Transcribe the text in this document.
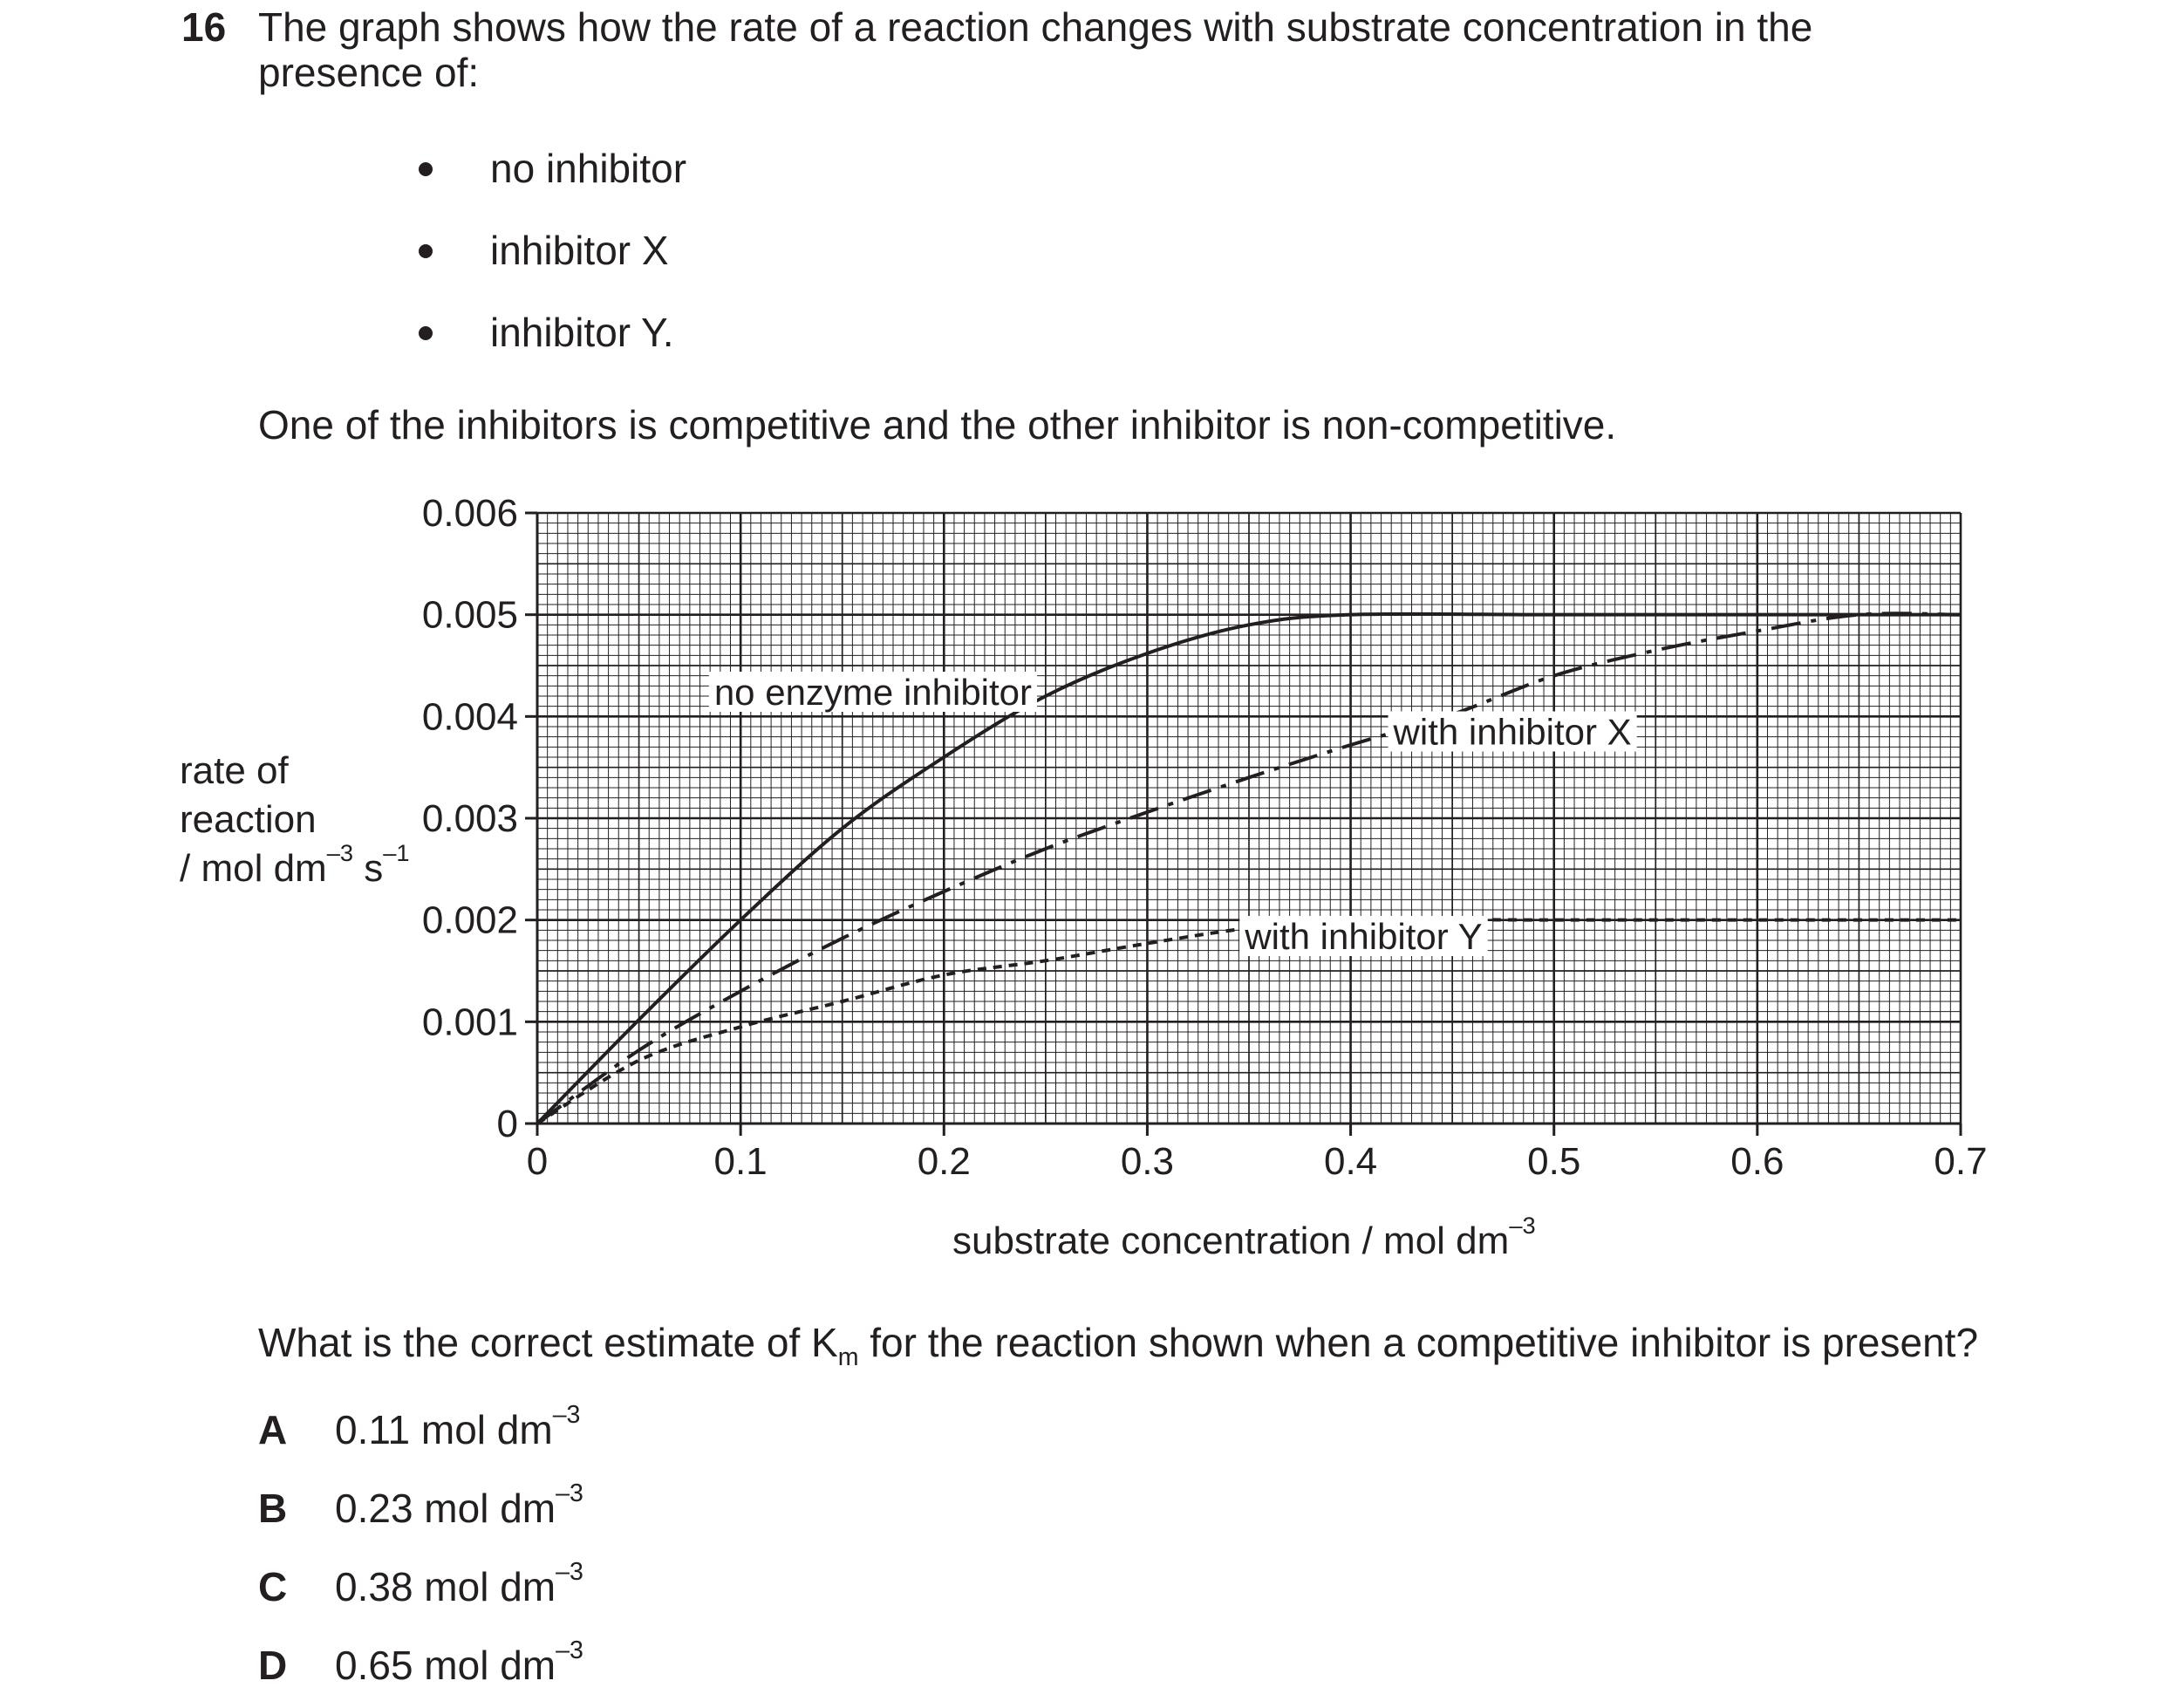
16 The graph shows how the rate of a reaction changes with substrate concentration in the
presence of:
no inhibitor
inhibitor X
inhibitor Y.
One of the inhibitors is competitive and the other inhibitor is non-competitive.
rate of
reaction
/ mol $dm^{-3}$ $s^{-1}$
0	0.1	0.2	0.3	0.4	0.5	0.6	0.7
0
0.001
0.002
0.003
0.004
0.005
0.006
no enzyme inhibitor
with inhibitor X
with inhibitor Y
substrate concentration / mol $dm^{-3}$
What is the correct estimate of $K_m$ for the reaction shown when a competitive inhibitor is present?
A 0.11 mol $dm^{-3}$
B 0.23 mol $dm^{-3}$
C 0.38 mol $dm^{-3}$
D 0.65 mol $dm^{-3}$
